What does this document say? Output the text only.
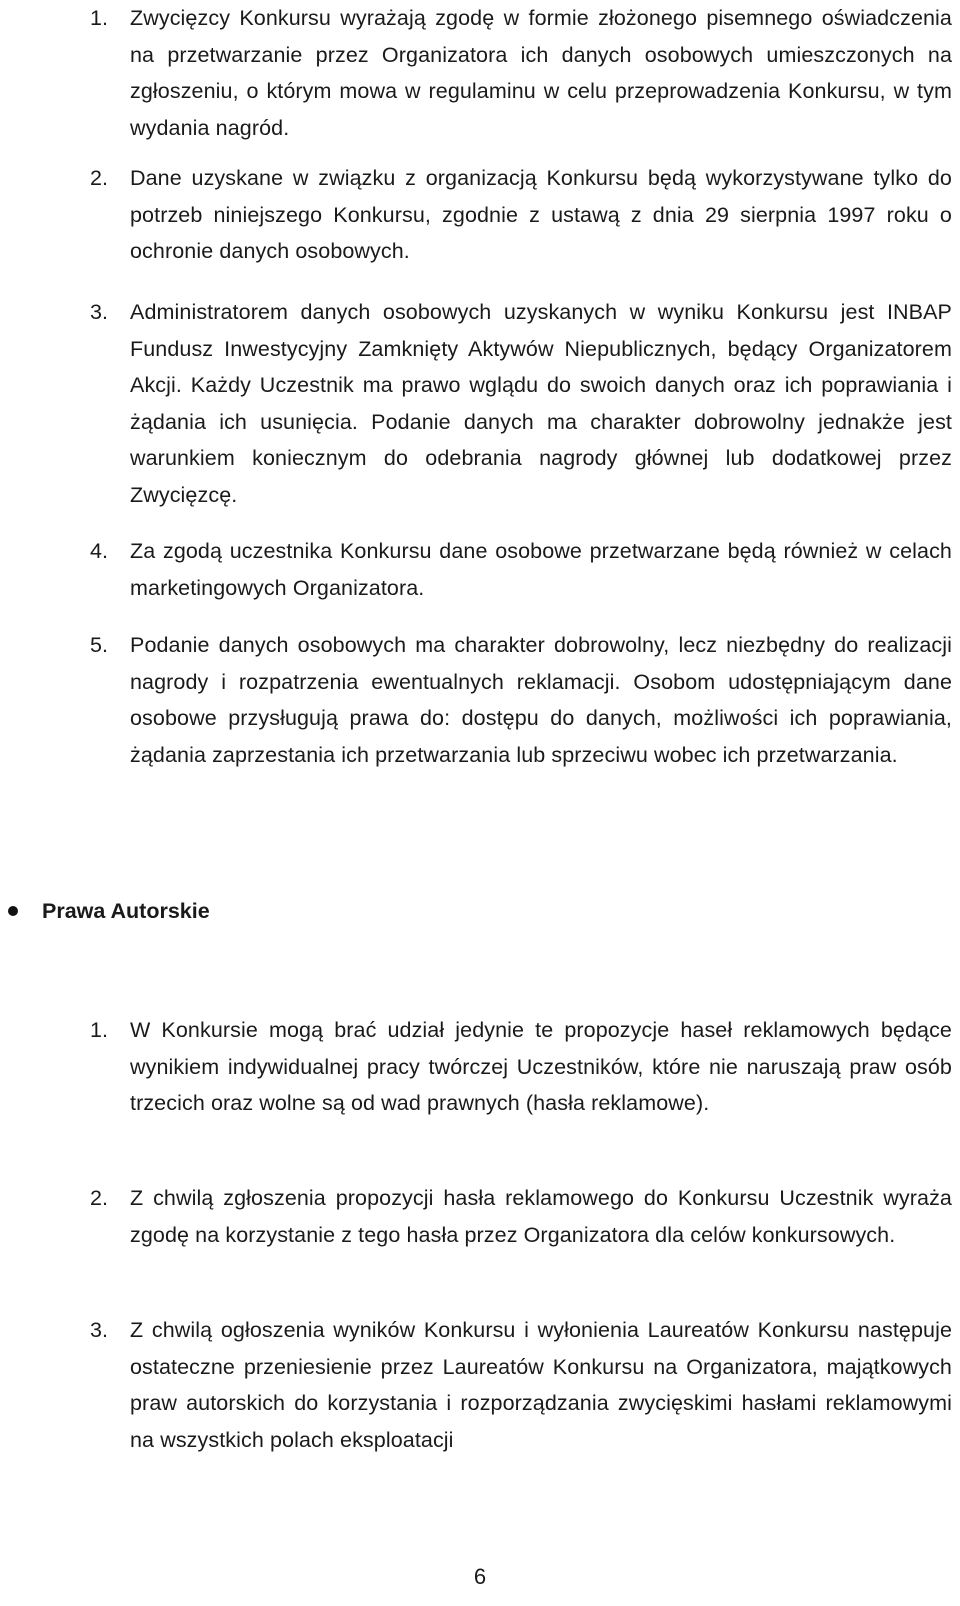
1.	Zwycięzcy Konkursu wyrażają zgodę w formie złożonego pisemnego oświadczenia na przetwarzanie przez Organizatora ich danych osobowych umieszczonych na zgłoszeniu, o którym mowa w regulaminu w celu przeprowadzenia Konkursu, w tym wydania nagród.
2.	Dane uzyskane w związku z organizacją Konkursu będą wykorzystywane tylko do potrzeb niniejszego Konkursu, zgodnie z ustawą z dnia 29 sierpnia 1997 roku o ochronie danych osobowych.
3.	Administratorem danych osobowych uzyskanych w wyniku Konkursu jest INBAP Fundusz Inwestycyjny Zamknięty Aktywów Niepublicznych, będący Organizatorem Akcji. Każdy Uczestnik ma prawo wglądu do swoich danych oraz ich poprawiania i żądania ich usunięcia. Podanie danych ma charakter dobrowolny jednakże jest warunkiem koniecznym do odebrania nagrody głównej lub dodatkowej przez Zwycięzcę.
4.	Za zgodą uczestnika Konkursu dane osobowe przetwarzane będą również w celach marketingowych Organizatora.
5.	Podanie danych osobowych ma charakter dobrowolny, lecz niezbędny do realizacji nagrody i rozpatrzenia ewentualnych reklamacji. Osobom udostępniającym dane osobowe przysługują prawa do: dostępu do danych, możliwości ich poprawiania, żądania zaprzestania ich przetwarzania lub sprzeciwu wobec ich przetwarzania.
Prawa Autorskie
1.	W Konkursie mogą brać udział jedynie te propozycje haseł reklamowych będące wynikiem indywidualnej pracy twórczej Uczestników, które nie naruszają praw osób trzecich oraz wolne są od wad prawnych (hasła reklamowe).
2.	Z chwilą zgłoszenia propozycji hasła reklamowego do Konkursu Uczestnik wyraża zgodę na korzystanie z tego hasła przez Organizatora dla celów konkursowych.
3.	Z chwilą ogłoszenia wyników Konkursu i wyłonienia Laureatów Konkursu następuje ostateczne przeniesienie przez Laureatów Konkursu na Organizatora, majątkowych praw autorskich do korzystania i rozporządzania zwycięskimi hasłami reklamowymi na wszystkich polach eksploatacji
6
